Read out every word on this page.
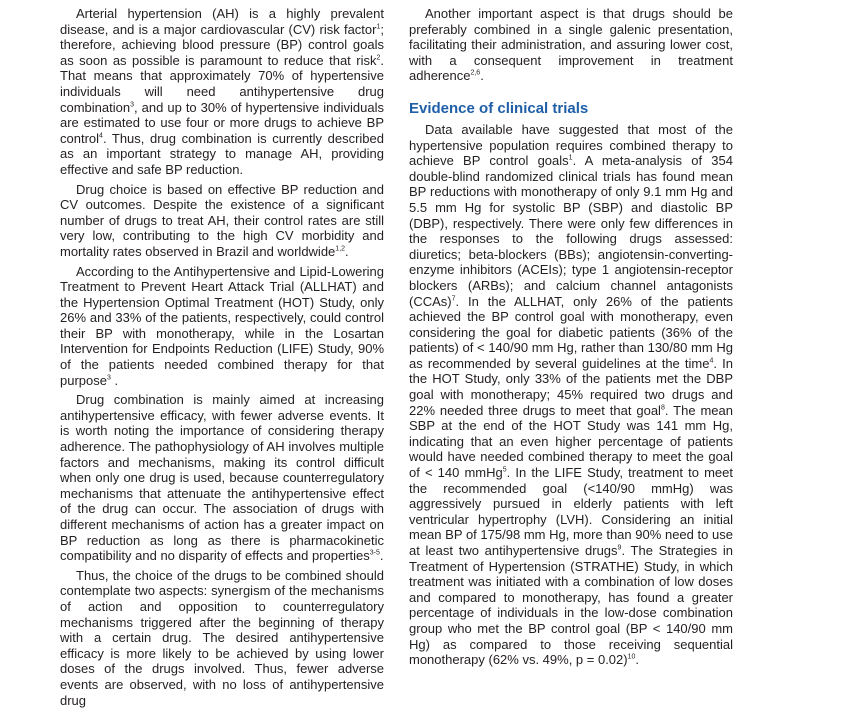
Arterial hypertension (AH) is a highly prevalent disease, and is a major cardiovascular (CV) risk factor$^1$; therefore, achieving blood pressure (BP) control goals as soon as possible is paramount to reduce that risk$^2$. That means that approximately 70% of hypertensive individuals will need antihypertensive drug combination$^3$, and up to 30% of hypertensive individuals are estimated to use four or more drugs to achieve BP control$^4$. Thus, drug combination is currently described as an important strategy to manage AH, providing effective and safe BP reduction.

Drug choice is based on effective BP reduction and CV outcomes. Despite the existence of a significant number of drugs to treat AH, their control rates are still very low, contributing to the high CV morbidity and mortality rates observed in Brazil and worldwide$^{1,2}$.

According to the Antihypertensive and Lipid-Lowering Treatment to Prevent Heart Attack Trial (ALLHAT) and the Hypertension Optimal Treatment (HOT) Study, only 26% and 33% of the patients, respectively, could control their BP with monotherapy, while in the Losartan Intervention for Endpoints Reduction (LIFE) Study, 90% of the patients needed combined therapy for that purpose$^3$ .

Drug combination is mainly aimed at increasing antihypertensive efficacy, with fewer adverse events. It is worth noting the importance of considering therapy adherence. The pathophysiology of AH involves multiple factors and mechanisms, making its control difficult when only one drug is used, because counterregulatory mechanisms that attenuate the antihypertensive effect of the drug can occur. The association of drugs with different mechanisms of action has a greater impact on BP reduction as long as there is pharmacokinetic compatibility and no disparity of effects and properties$^{3-5}$.

Thus, the choice of the drugs to be combined should contemplate two aspects: synergism of the mechanisms of action and opposition to counterregulatory mechanisms triggered after the beginning of therapy with a certain drug. The desired antihypertensive efficacy is more likely to be achieved by using lower doses of the drugs involved. Thus, fewer adverse events are observed, with no loss of antihypertensive drug

Another important aspect is that drugs should be preferably combined in a single galenic presentation, facilitating their administration, and assuring lower cost, with a consequent improvement in treatment adherence$^{2,6}$.

Evidence of clinical trials

Data available have suggested that most of the hypertensive population requires combined therapy to achieve BP control goals$^1$. A meta-analysis of 354 double-blind randomized clinical trials has found mean BP reductions with monotherapy of only 9.1 mm Hg and 5.5 mm Hg for systolic BP (SBP) and diastolic BP (DBP), respectively. There were only few differences in the responses to the following drugs assessed: diuretics; beta-blockers (BBs); angiotensin-converting-enzyme inhibitors (ACEIs); type 1 angiotensin-receptor blockers (ARBs); and calcium channel antagonists (CCAs)$^7$. In the ALLHAT, only 26% of the patients achieved the BP control goal with monotherapy, even considering the goal for diabetic patients (36% of the patients) of < 140/90 mm Hg, rather than 130/80 mm Hg as recommended by several guidelines at the time$^4$. In the HOT Study, only 33% of the patients met the DBP goal with monotherapy; 45% required two drugs and 22% needed three drugs to meet that goal$^8$. The mean SBP at the end of the HOT Study was 141 mm Hg, indicating that an even higher percentage of patients would have needed combined therapy to meet the goal of < 140 mmHg$^5$. In the LIFE Study, treatment to meet the recommended goal (<140/90 mmHg) was aggressively pursued in elderly patients with left ventricular hypertrophy (LVH). Considering an initial mean BP of 175/98 mm Hg, more than 90% need to use at least two antihypertensive drugs$^9$. The Strategies in Treatment of Hypertension (STRATHE) Study, in which treatment was initiated with a combination of low doses and compared to monotherapy, has found a greater percentage of individuals in the low-dose combination group who met the BP control goal (BP < 140/90 mm Hg) as compared to those receiving sequential monotherapy (62% vs. 49%, p = 0.02)$^{10}$.
